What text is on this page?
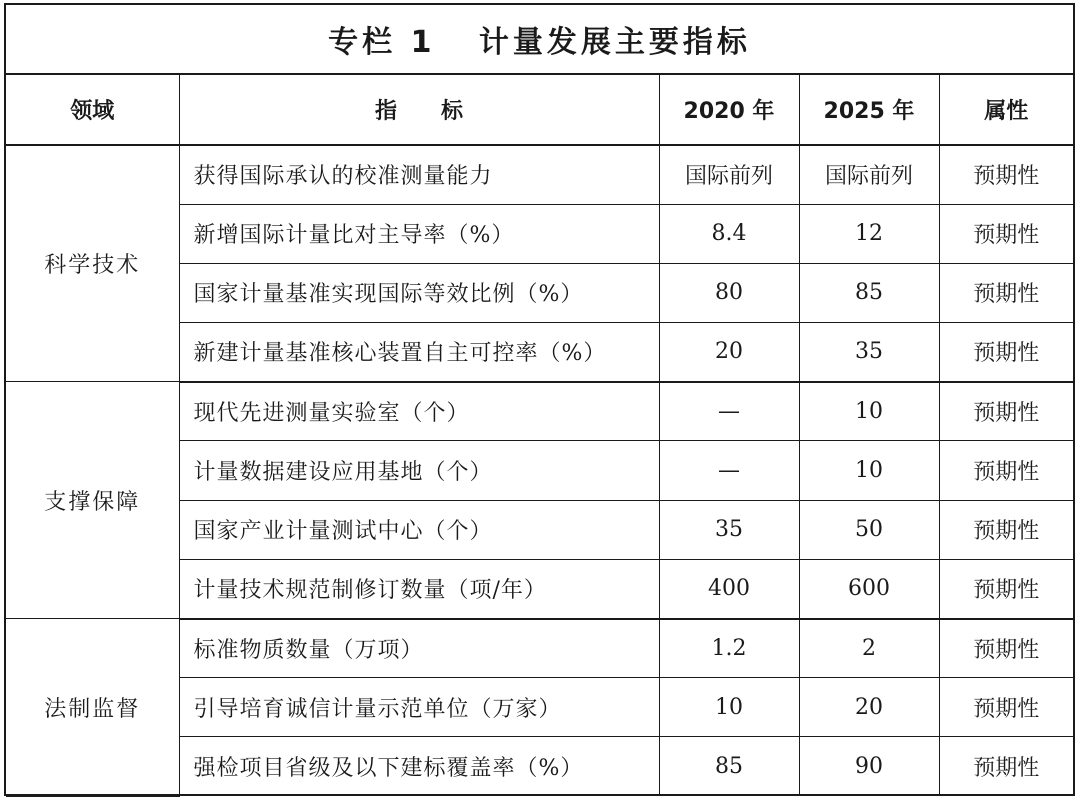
专栏 1   计量发展主要指标
领域	指　　标	2020 年	2025 年	属性
科学技术	获得国际承认的校准测量能力	国际前列	国际前列	预期性
	新增国际计量比对主导率（%）	8.4	12	预期性
	国家计量基准实现国际等效比例（%）	80	85	预期性
	新建计量基准核心装置自主可控率（%）	20	35	预期性
支撑保障	现代先进测量实验室（个）	—	10	预期性
	计量数据建设应用基地（个）	—	10	预期性
	国家产业计量测试中心（个）	35	50	预期性
	计量技术规范制修订数量（项/年）	400	600	预期性
法制监督	标准物质数量（万项）	1.2	2	预期性
	引导培育诚信计量示范单位（万家）	10	20	预期性
	强检项目省级及以下建标覆盖率（%）	85	90	预期性
